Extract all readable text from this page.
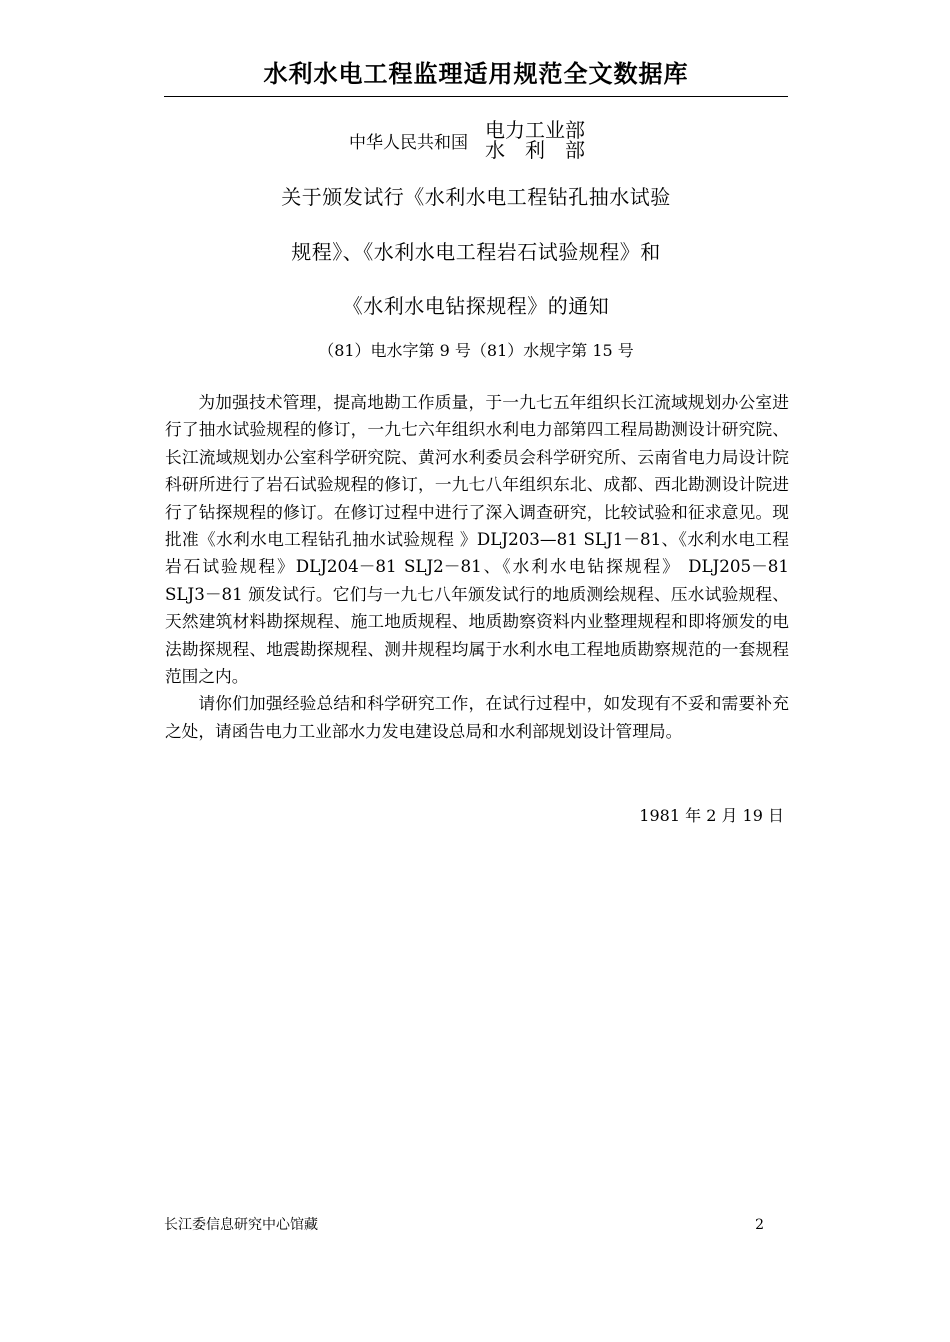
水利水电工程监理适用规范全文数据库
中华人民共和国
电力工业部
水　利　部
关于颁发试行《水利水电工程钻孔抽水试验
规程》、《水利水电工程岩石试验规程》和
《水利水电钻探规程》的通知
（81）电水字第 9 号（81）水规字第 15 号

为加强技术管理，提高地勘工作质量，于一九七五年组织长江流域规划办公室进行了抽水试验规程的修订，一九七六年组织水利电力部第四工程局勘测设计研究院、长江流域规划办公室科学研究院、黄河水利委员会科学研究所、云南省电力局设计院科研所进行了岩石试验规程的修订，一九七八年组织东北、成都、西北勘测设计院进行了钻探规程的修订。在修订过程中进行了深入调查研究，比较试验和征求意见。现批准《水利水电工程钻孔抽水试验规程 》DLJ203—81 SLJ1－81、《水利水电工程岩石试验规程》DLJ204－81 SLJ2－81、《水利水电钻探规程》 DLJ205－81 SLJ3－81 颁发试行。它们与一九七八年颁发试行的地质测绘规程、压水试验规程、天然建筑材料勘探规程、施工地质规程、地质勘察资料内业整理规程和即将颁发的电法勘探规程、地震勘探规程、测井规程均属于水利水电工程地质勘察规范的一套规程范围之内。

请你们加强经验总结和科学研究工作，在试行过程中，如发现有不妥和需要补充之处，请函告电力工业部水力发电建设总局和水利部规划设计管理局。

1981 年 2 月 19 日
长江委信息研究中心馆藏	2
